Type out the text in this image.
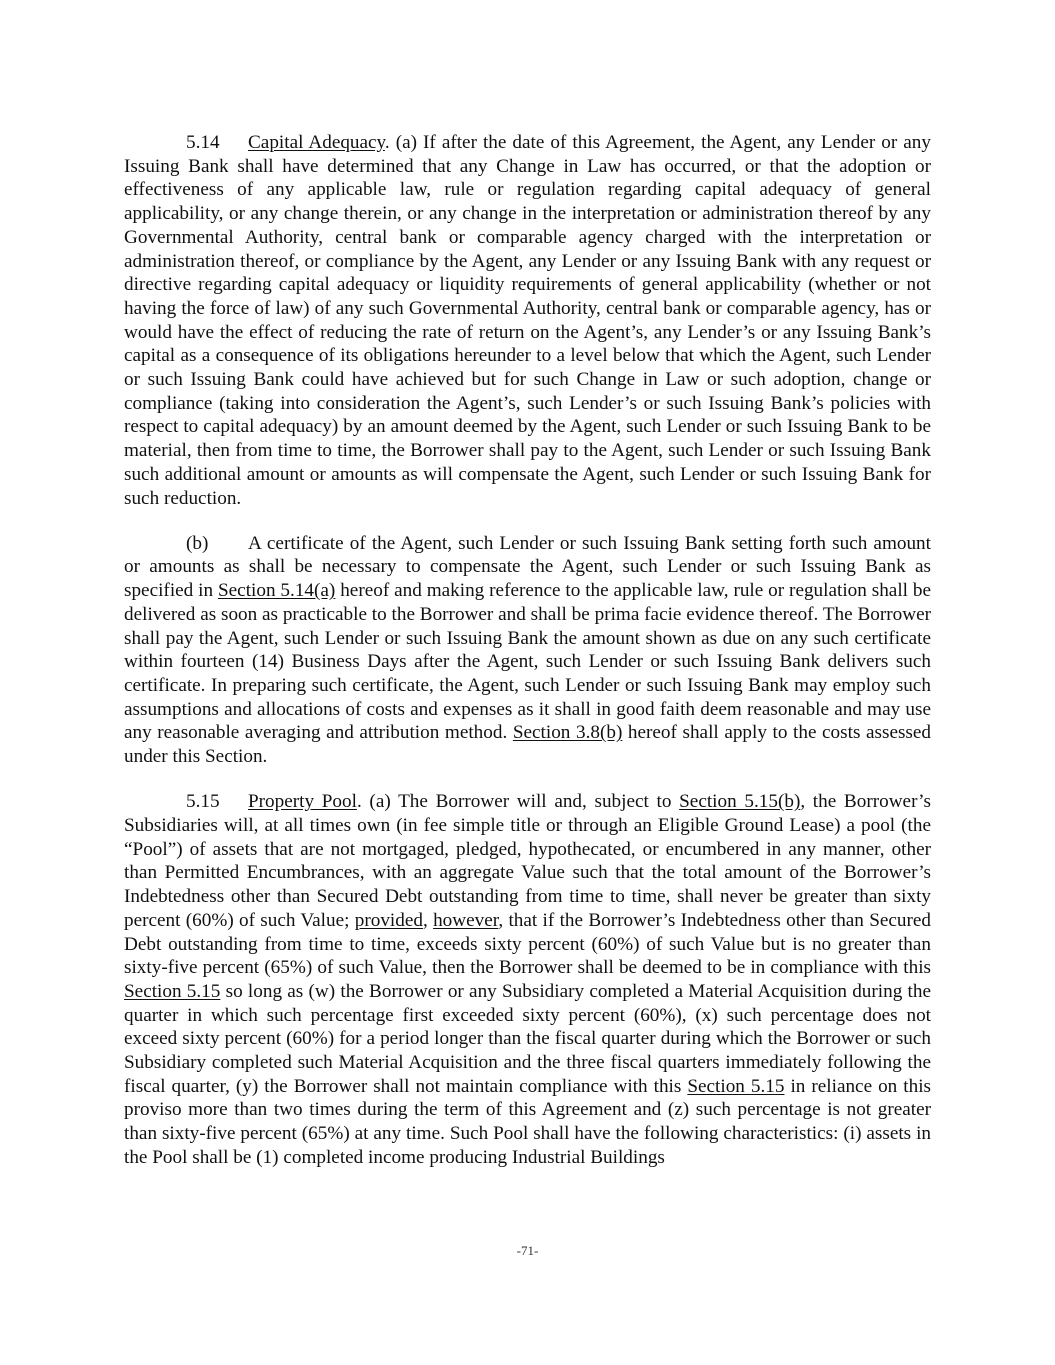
5.14 Capital Adequacy. (a) If after the date of this Agreement, the Agent, any Lender or any Issuing Bank shall have determined that any Change in Law has occurred, or that the adoption or effectiveness of any applicable law, rule or regulation regarding capital adequacy of general applicability, or any change therein, or any change in the interpretation or administration thereof by any Governmental Authority, central bank or comparable agency charged with the interpretation or administration thereof, or compliance by the Agent, any Lender or any Issuing Bank with any request or directive regarding capital adequacy or liquidity requirements of general applicability (whether or not having the force of law) of any such Governmental Authority, central bank or comparable agency, has or would have the effect of reducing the rate of return on the Agent’s, any Lender’s or any Issuing Bank’s capital as a consequence of its obligations hereunder to a level below that which the Agent, such Lender or such Issuing Bank could have achieved but for such Change in Law or such adoption, change or compliance (taking into consideration the Agent’s, such Lender’s or such Issuing Bank’s policies with respect to capital adequacy) by an amount deemed by the Agent, such Lender or such Issuing Bank to be material, then from time to time, the Borrower shall pay to the Agent, such Lender or such Issuing Bank such additional amount or amounts as will compensate the Agent, such Lender or such Issuing Bank for such reduction.

(b) A certificate of the Agent, such Lender or such Issuing Bank setting forth such amount or amounts as shall be necessary to compensate the Agent, such Lender or such Issuing Bank as specified in Section 5.14(a) hereof and making reference to the applicable law, rule or regulation shall be delivered as soon as practicable to the Borrower and shall be prima facie evidence thereof. The Borrower shall pay the Agent, such Lender or such Issuing Bank the amount shown as due on any such certificate within fourteen (14) Business Days after the Agent, such Lender or such Issuing Bank delivers such certificate. In preparing such certificate, the Agent, such Lender or such Issuing Bank may employ such assumptions and allocations of costs and expenses as it shall in good faith deem reasonable and may use any reasonable averaging and attribution method. Section 3.8(b) hereof shall apply to the costs assessed under this Section.

5.15 Property Pool. (a) The Borrower will and, subject to Section 5.15(b), the Borrower’s Subsidiaries will, at all times own (in fee simple title or through an Eligible Ground Lease) a pool (the “Pool”) of assets that are not mortgaged, pledged, hypothecated, or encumbered in any manner, other than Permitted Encumbrances, with an aggregate Value such that the total amount of the Borrower’s Indebtedness other than Secured Debt outstanding from time to time, shall never be greater than sixty percent (60%) of such Value; provided, however, that if the Borrower’s Indebtedness other than Secured Debt outstanding from time to time, exceeds sixty percent (60%) of such Value but is no greater than sixty-five percent (65%) of such Value, then the Borrower shall be deemed to be in compliance with this Section 5.15 so long as (w) the Borrower or any Subsidiary completed a Material Acquisition during the quarter in which such percentage first exceeded sixty percent (60%), (x) such percentage does not exceed sixty percent (60%) for a period longer than the fiscal quarter during which the Borrower or such Subsidiary completed such Material Acquisition and the three fiscal quarters immediately following the fiscal quarter, (y) the Borrower shall not maintain compliance with this Section 5.15 in reliance on this proviso more than two times during the term of this Agreement and (z) such percentage is not greater than sixty-five percent (65%) at any time. Such Pool shall have the following characteristics: (i) assets in the Pool shall be (1) completed income producing Industrial Buildings

-71-
